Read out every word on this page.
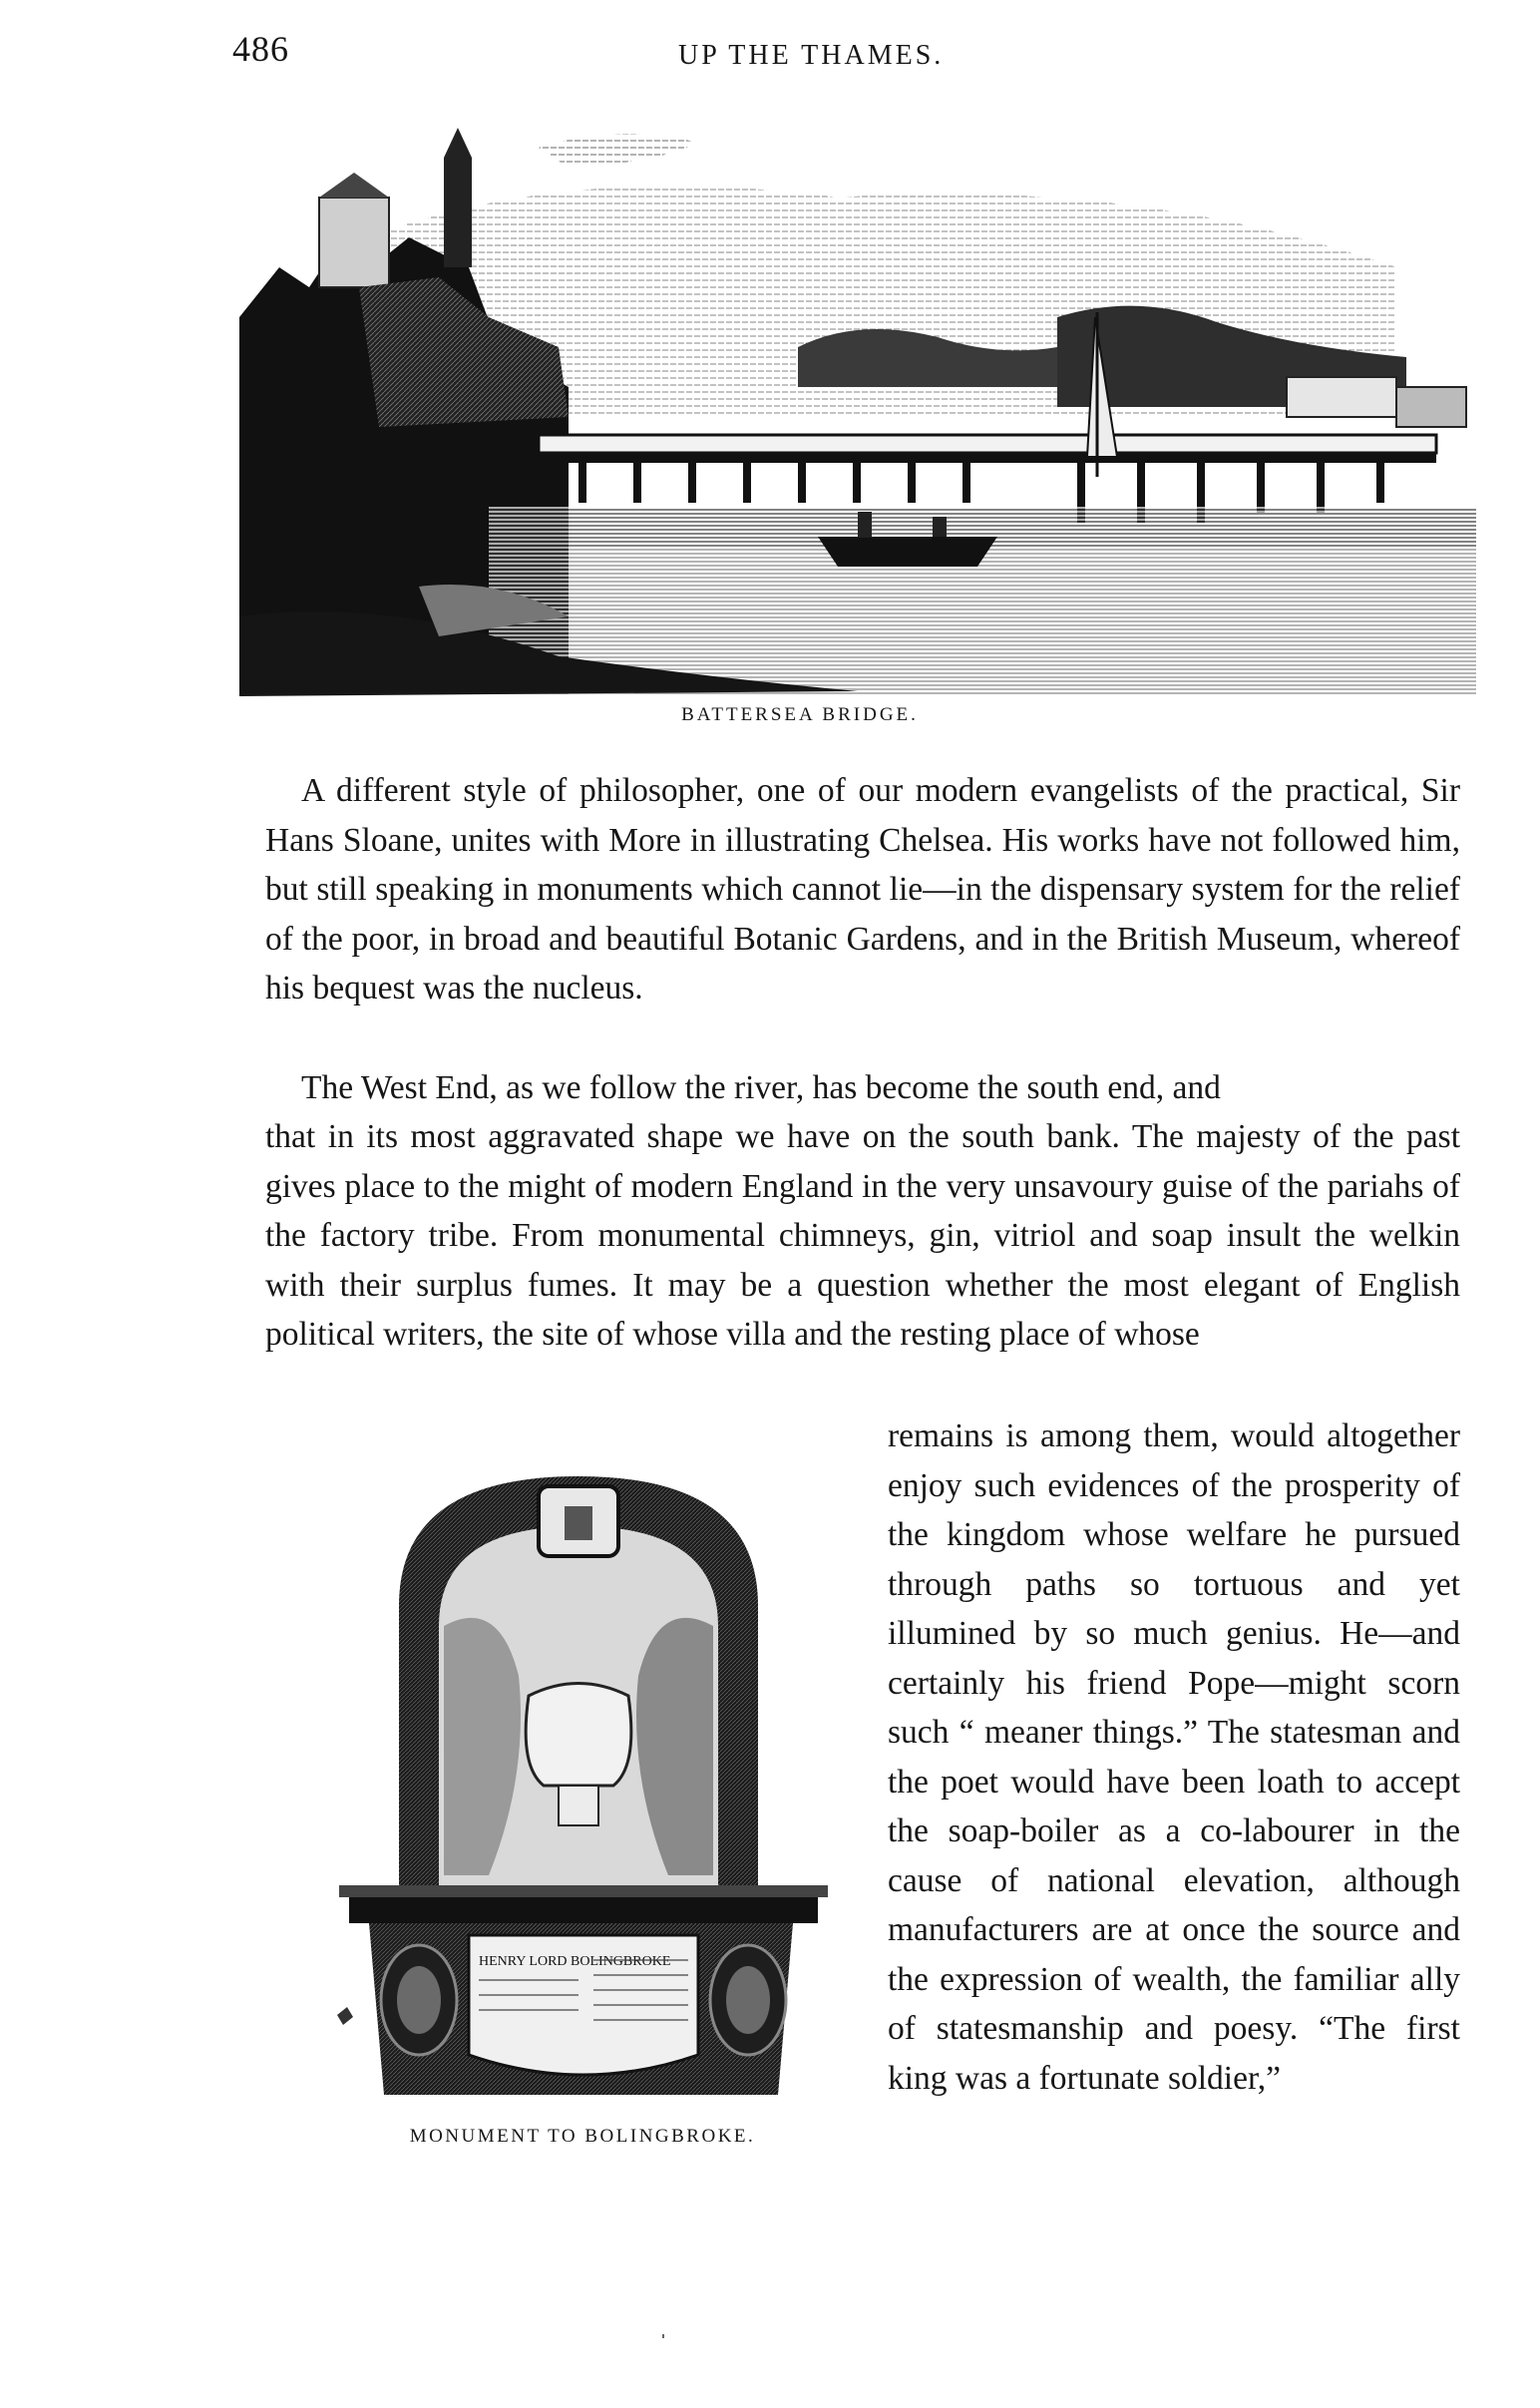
486	UP THE THAMES.
BATTERSEA BRIDGE.
A different style of philosopher, one of our modern evangelists of the practical, Sir Hans Sloane, unites with More in illustrating Chelsea. His works have not followed him, but still speaking in monuments which cannot lie—in the dispensary system for the relief of the poor, in broad and beautiful Botanic Gardens, and in the British Museum, whereof his bequest was the nucleus.
The West End, as we follow the river, has become the south end, and
that in its most aggravated shape we have on the south bank. The majesty of the past gives place to the might of modern England in the very unsavoury guise of the pariahs of the factory tribe. From monumental chimneys, gin, vitriol and soap insult the welkin with their surplus fumes. It may be a question whether the most elegant of English political writers, the site of whose villa and the resting place of whose
remains is among them, would altogether enjoy such evidences of the prosperity of the kingdom whose welfare he pursued through paths so tortuous and yet illumined by so much genius. He—and certainly his friend Pope—might scorn such “ meaner things.” The statesman and the poet would have been loath to accept the soap-boiler as a co-labourer in the cause of national elevation, although manufacturers are at once the source and the expression of wealth, the familiar ally of statesmanship and poesy. “The first king was a fortunate soldier,”
HENRY LORD BOLINGBROKE
MONUMENT TO BOLINGBROKE.
